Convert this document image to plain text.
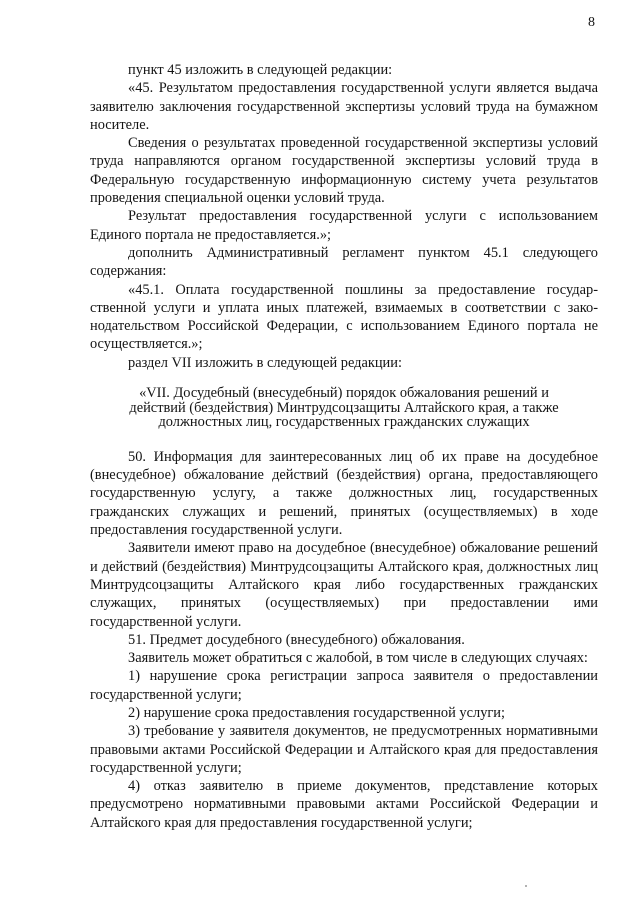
8

пункт 45 изложить в следующей редакции:

«45. Результатом предоставления государственной услуги является выдача заявителю заключения государственной экспертизы условий труда на бумажном носителе.

Сведения о результатах проведенной государственной экспертизы условий труда направляются органом государственной экспертизы условий труда в Федеральную государственную информационную систему учета результатов проведения специальной оценки условий труда.

Результат предоставления государственной услуги с использованием Единого портала не предоставляется.»;

дополнить Административный регламент пунктом 45.1 следующего содержания:

«45.1. Оплата государственной пошлины за предоставление государственной услуги и уплата иных платежей, взимаемых в соответствии с законодательством Российской Федерации, с использованием Единого портала не осуществляется.»;

раздел VII изложить в следующей редакции:

«VII. Досудебный (внесудебный) порядок обжалования решений и действий (бездействия) Минтрудсоцзащиты Алтайского края, а также должностных лиц, государственных гражданских служащих

50. Информация для заинтересованных лиц об их праве на досудебное (внесудебное) обжалование действий (бездействия) органа, предоставляющего государственную услугу, а также должностных лиц, государственных гражданских служащих и решений, принятых (осуществляемых) в ходе предоставления государственной услуги.

Заявители имеют право на досудебное (внесудебное) обжалование решений и действий (бездействия) Минтрудсоцзащиты Алтайского края, должностных лиц Минтрудсоцзащиты Алтайского края либо государственных гражданских служащих, принятых (осуществляемых) при предоставлении ими государственной услуги.

51. Предмет досудебного (внесудебного) обжалования.

Заявитель может обратиться с жалобой, в том числе в следующих случаях:

1) нарушение срока регистрации запроса заявителя о предоставлении государственной услуги;

2) нарушение срока предоставления государственной услуги;

3) требование у заявителя документов, не предусмотренных нормативными правовыми актами Российской Федерации и Алтайского края для предоставления государственной услуги;

4) отказ заявителю в приеме документов, представление которых предусмотрено нормативными правовыми актами Российской Федерации и Алтайского края для предоставления государственной услуги;
